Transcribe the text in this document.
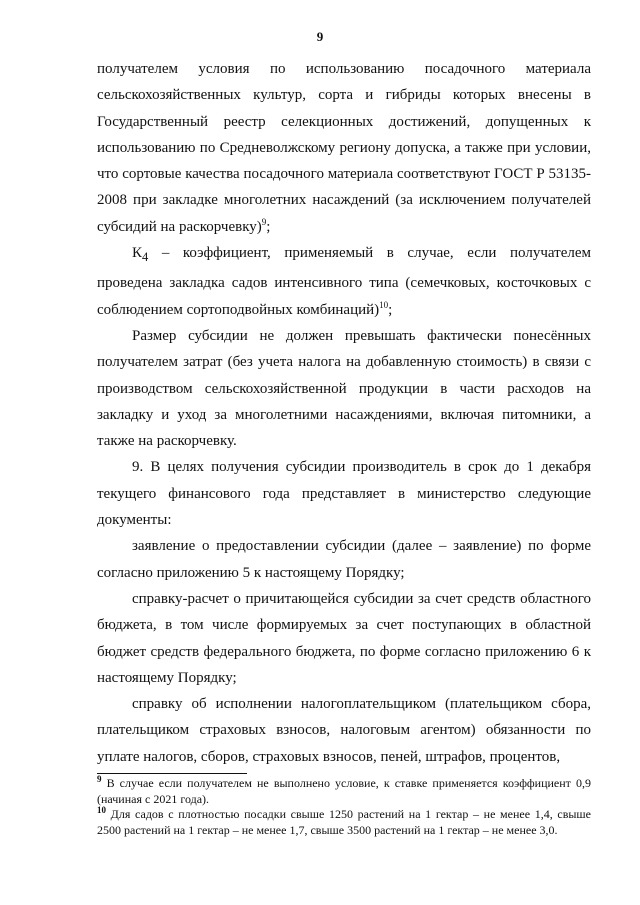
9

получателем условия по использованию посадочного материала сельскохозяйственных культур, сорта и гибриды которых внесены в Государственный реестр селекционных достижений, допущенных к использованию по Средневолжскому региону допуска, а также при условии, что сортовые качества посадочного материала соответствуют ГОСТ Р 53135-2008 при закладке многолетних насаждений (за исключением получателей субсидий на раскорчевку)$^9$;

$К_4$ – коэффициент, применяемый в случае, если получателем проведена закладка садов интенсивного типа (семечковых, косточковых с соблюдением сортоподвойных комбинаций)$^{10}$;

Размер субсидии не должен превышать фактически понесённых получателем затрат (без учета налога на добавленную стоимость) в связи с производством сельскохозяйственной продукции в части расходов на закладку и уход за многолетними насаждениями, включая питомники, а также на раскорчевку.

9. В целях получения субсидии производитель в срок до 1 декабря текущего финансового года представляет в министерство следующие документы:

заявление о предоставлении субсидии (далее – заявление) по форме согласно приложению 5 к настоящему Порядку;

справку-расчет о причитающейся субсидии за счет средств областного бюджета, в том числе формируемых за счет поступающих в областной бюджет средств федерального бюджета, по форме согласно приложению 6 к настоящему Порядку;

справку об исполнении налогоплательщиком (плательщиком сбора, плательщиком страховых взносов, налоговым агентом) обязанности по уплате налогов, сборов, страховых взносов, пеней, штрафов, процентов,

$^9$ В случае если получателем не выполнено условие, к ставке применяется коэффициент 0,9 (начиная с 2021 года).

$^{10}$ Для садов с плотностью посадки свыше 1250 растений на 1 гектар – не менее 1,4, свыше 2500 растений на 1 гектар – не менее 1,7, свыше 3500 растений на 1 гектар – не менее 3,0.
